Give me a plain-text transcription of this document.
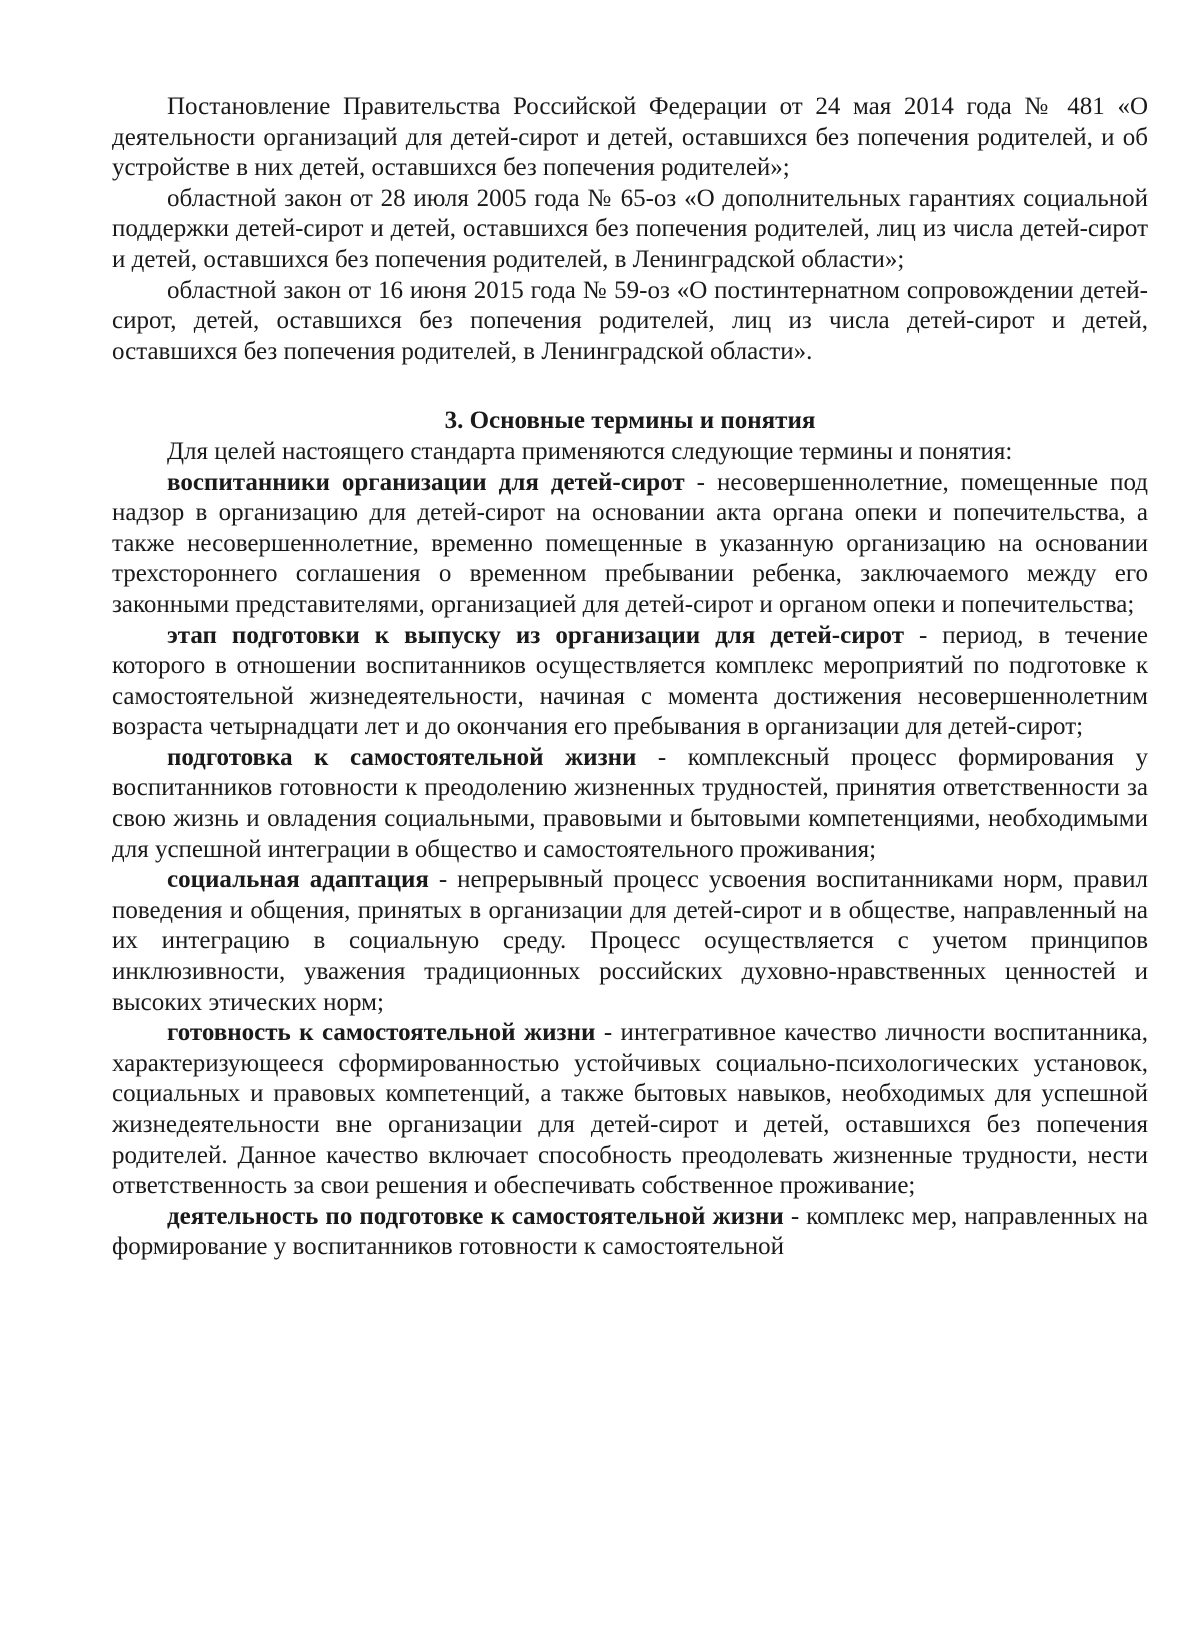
Постановление Правительства Российской Федерации от 24 мая 2014 года № 481 «О деятельности организаций для детей-сирот и детей, оставшихся без попечения родителей, и об устройстве в них детей, оставшихся без попечения родителей»;

областной закон от 28 июля 2005 года № 65-оз «О дополнительных гарантиях социальной поддержки детей-сирот и детей, оставшихся без попечения родителей, лиц из числа детей-сирот и детей, оставшихся без попечения родителей, в Ленинградской области»;

областной закон от 16 июня 2015 года № 59-оз «О постинтернатном сопровождении детей-сирот, детей, оставшихся без попечения родителей, лиц из числа детей-сирот и детей, оставшихся без попечения родителей, в Ленинградской области».

3. Основные термины и понятия

Для целей настоящего стандарта применяются следующие термины и понятия:

воспитанники организации для детей-сирот - несовершеннолетние, помещенные под надзор в организацию для детей-сирот на основании акта органа опеки и попечительства, а также несовершеннолетние, временно помещенные в указанную организацию на основании трехстороннего соглашения о временном пребывании ребенка, заключаемого между его законными представителями, организацией для детей-сирот и органом опеки и попечительства;

этап подготовки к выпуску из организации для детей-сирот - период, в течение которого в отношении воспитанников осуществляется комплекс мероприятий по подготовке к самостоятельной жизнедеятельности, начиная с момента достижения несовершеннолетним возраста четырнадцати лет и до окончания его пребывания в организации для детей-сирот;

подготовка к самостоятельной жизни - комплексный процесс формирования у воспитанников готовности к преодолению жизненных трудностей, принятия ответственности за свою жизнь и овладения социальными, правовыми и бытовыми компетенциями, необходимыми для успешной интеграции в общество и самостоятельного проживания;

социальная адаптация - непрерывный процесс усвоения воспитанниками норм, правил поведения и общения, принятых в организации для детей-сирот и в обществе, направленный на их интеграцию в социальную среду. Процесс осуществляется с учетом принципов инклюзивности, уважения традиционных российских духовно-нравственных ценностей и высоких этических норм;

готовность к самостоятельной жизни - интегративное качество личности воспитанника, характеризующееся сформированностью устойчивых социально-психологических установок, социальных и правовых компетенций, а также бытовых навыков, необходимых для успешной жизнедеятельности вне организации для детей-сирот и детей, оставшихся без попечения родителей. Данное качество включает способность преодолевать жизненные трудности, нести ответственность за свои решения и обеспечивать собственное проживание;

деятельность по подготовке к самостоятельной жизни - комплекс мер, направленных на формирование у воспитанников готовности к самостоятельной
